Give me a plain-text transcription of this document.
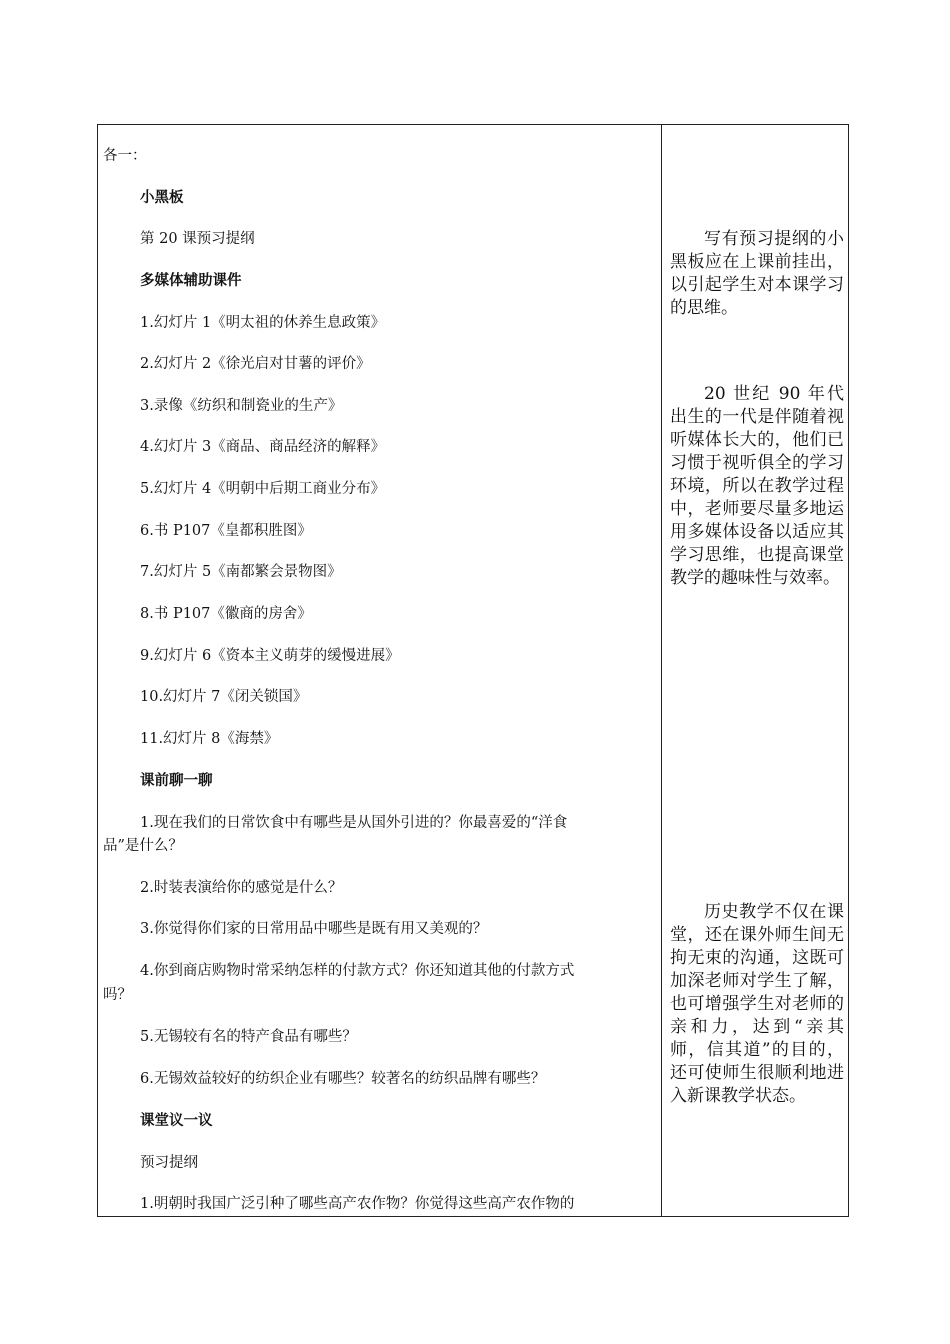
各一：
小黑板
第 20 课预习提纲
多媒体辅助课件
1.幻灯片 1《明太祖的休养生息政策》
2.幻灯片 2《徐光启对甘薯的评价》
3.录像《纺织和制瓷业的生产》
4.幻灯片 3《商品、商品经济的解释》
5.幻灯片 4《明朝中后期工商业分布》
6.书 P107《皇都积胜图》
7.幻灯片 5《南都繁会景物图》
8.书 P107《徽商的房舍》
9.幻灯片 6《资本主义萌芽的缓慢进展》
10.幻灯片 7《闭关锁国》
11.幻灯片 8《海禁》
课前聊一聊
1.现在我们的日常饮食中有哪些是从国外引进的？你最喜爱的“洋食
品”是什么？
2.时装表演给你的感觉是什么？
3.你觉得你们家的日常用品中哪些是既有用又美观的？
4.你到商店购物时常采纳怎样的付款方式？你还知道其他的付款方式
吗？
5.无锡较有名的特产食品有哪些？
6.无锡效益较好的纺织企业有哪些？较著名的纺织品牌有哪些？
课堂议一议
预习提纲
1.明朝时我国广泛引种了哪些高产农作物？你觉得这些高产农作物的
写有预习提纲的小黑板应在上课前挂出，以引起学生对本课学习的思维。
20 世纪 90 年代出生的一代是伴随着视听媒体长大的，他们已习惯于视听俱全的学习环境，所以在教学过程中，老师要尽量多地运用多媒体设备以适应其学习思维，也提高课堂教学的趣味性与效率。
历史教学不仅在课堂，还在课外师生间无拘无束的沟通，这既可加深老师对学生了解，也可增强学生对老师的亲和力，达到“亲其师，信其道”的目的，还可使师生很顺利地进入新课教学状态。
